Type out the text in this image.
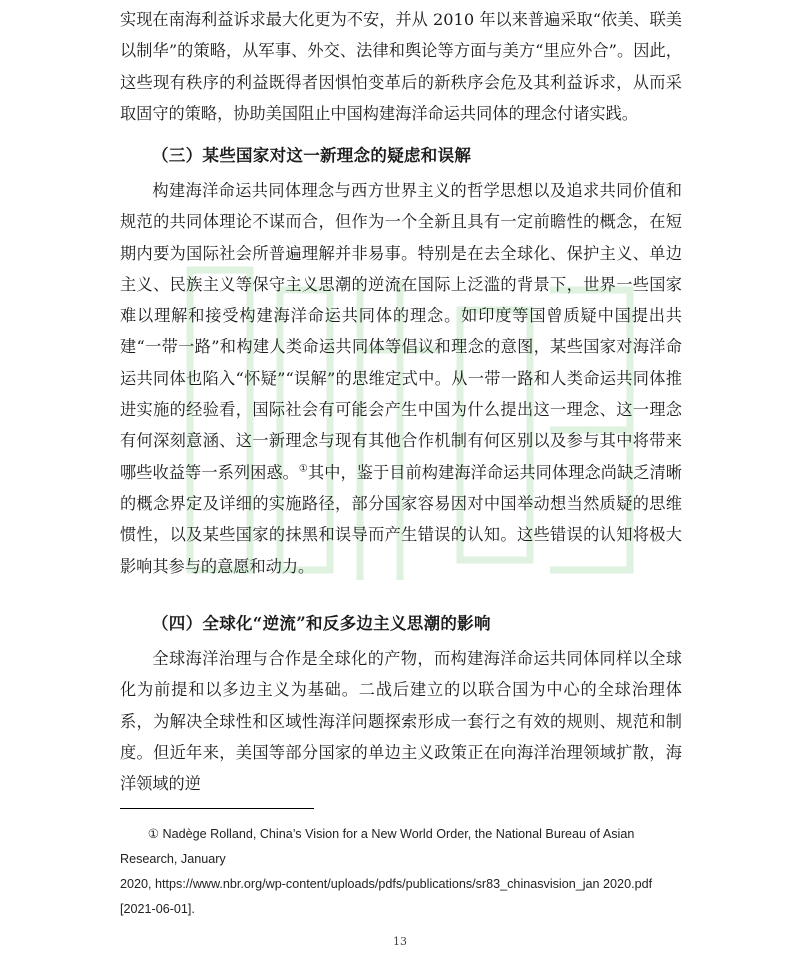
实现在南海利益诉求最大化更为不安，并从 2010 年以来普遍采取“依美、联美以制华”的策略，从军事、外交、法律和舆论等方面与美方“里应外合”。因此，这些现有秩序的利益既得者因惧怕变革后的新秩序会危及其利益诉求，从而采取固守的策略，协助美国阻止中国构建海洋命运共同体的理念付诸实践。

（三）某些国家对这一新理念的疑虑和误解

构建海洋命运共同体理念与西方世界主义的哲学思想以及追求共同价值和规范的共同体理论不谋而合，但作为一个全新且具有一定前瞻性的概念，在短期内要为国际社会所普遍理解并非易事。特别是在去全球化、保护主义、单边主义、民族主义等保守主义思潮的逆流在国际上泛滥的背景下，世界一些国家难以理解和接受构建海洋命运共同体的理念。如印度等国曾质疑中国提出共建“一带一路”和构建人类命运共同体等倡议和理念的意图，某些国家对海洋命运共同体也陷入“怀疑”“误解”的思维定式中。从一带一路和人类命运共同体推进实施的经验看，国际社会有可能会产生中国为什么提出这一理念、这一理念有何深刻意涵、这一新理念与现有其他合作机制有何区别以及参与其中将带来哪些收益等一系列困惑。①其中，鉴于目前构建海洋命运共同体理念尚缺乏清晰的概念界定及详细的实施路径，部分国家容易因对中国举动想当然质疑的思维惯性，以及某些国家的抹黑和误导而产生错误的认知。这些错误的认知将极大影响其参与的意愿和动力。

（四）全球化“逆流”和反多边主义思潮的影响

全球海洋治理与合作是全球化的产物，而构建海洋命运共同体同样以全球化为前提和以多边主义为基础。二战后建立的以联合国为中心的全球治理体系，为解决全球性和区域性海洋问题探索形成一套行之有效的规则、规范和制度。但近年来，美国等部分国家的单边主义政策正在向海洋治理领域扩散，海洋领域的逆

① Nadège Rolland, China’s Vision for a New World Order, the National Bureau of Asian Research, January

2020, https://www.nbr.org/wp-content/uploads/pdfs/publications/sr83_chinasvision_jan 2020.pdf [2021-06-01].

13
